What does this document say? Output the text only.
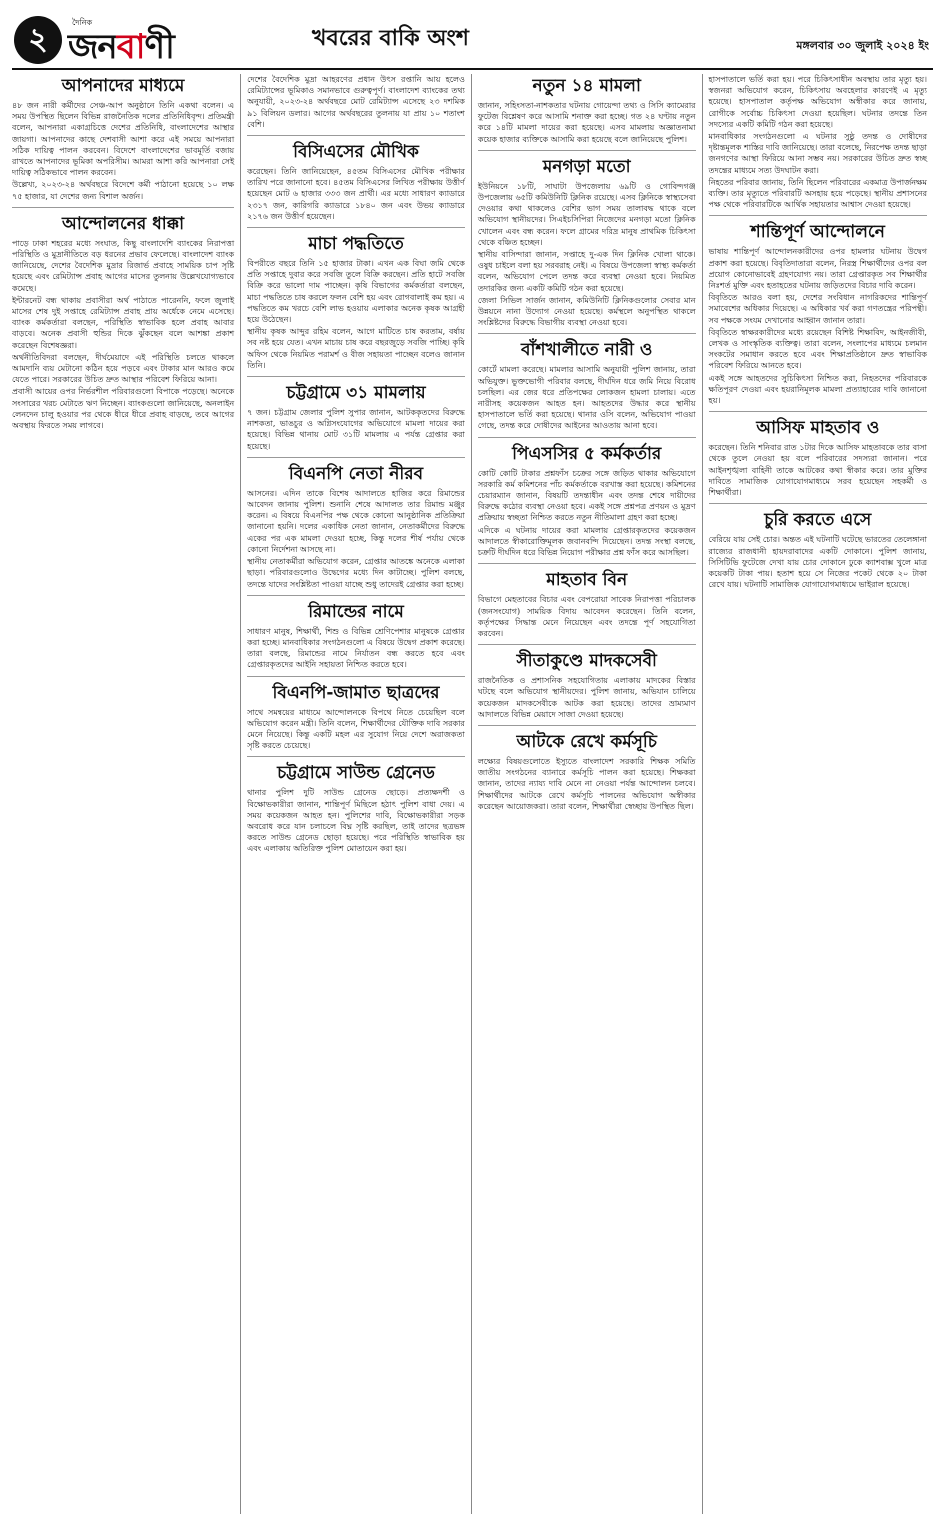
২	দৈনিক
জনবাণী	খবরের বাকি অংশ	মঙ্গলবার ৩০ জুলাই ২০২৪ ইং
আপনাদের মাধ্যমে

৪৮ জন নারী কর্মীদের সেঞ্চ-আপ অনুষ্ঠানে তিনি একথা বলেন। এ সময় উপস্থিত ছিলেন বিভিন্ন রাজনৈতিক দলের প্রতিনিধিবৃন্দ। প্রতিমন্ত্রী বলেন, আপনারা একাগ্রচিত্তে দেশের প্রতিনিধি, বাংলাদেশের আস্থার জায়গা। আপনাদের কাছে দেশবাসী আশা করে এই সময়ে আপনারা সঠিক দায়িত্ব পালন করবেন। বিদেশে বাংলাদেশের ভাবমূর্তি বজায় রাখতে আপনাদের ভূমিকা অপরিসীম। আমরা আশা করি আপনারা সেই দায়িত্ব সঠিকভাবে পালন করবেন।

উল্লেখ্য, ২০২৩-২৪ অর্থবছরে বিদেশে কর্মী পাঠানো হয়েছে ১০ লক্ষ ৭৫ হাজার, যা দেশের জন্য বিশাল অর্জন।

আন্দোলনের ধাক্কা

পাড়ে ঢাকা শহরের মধ্যে সংঘাত, কিছু বাংলাদেশি ব্যাংকের নিরাপত্তা পরিস্থিতি ও মুদ্রানীতিতে বড় ধরনের প্রভাব ফেলেছে। বাংলাদেশ ব্যাংক জানিয়েছে, দেশের বৈদেশিক মুদ্রার রিজার্ভ প্রবাহে সাময়িক চাপ সৃষ্টি হয়েছে এবং রেমিট্যান্স প্রবাহ আগের মাসের তুলনায় উল্লেখযোগ্যভাবে কমেছে।

ইন্টারনেট বন্ধ থাকায় প্রবাসীরা অর্থ পাঠাতে পারেননি, ফলে জুলাই মাসের শেষ দুই সপ্তাহে রেমিট্যান্স প্রবাহ প্রায় অর্ধেকে নেমে এসেছে। ব্যাংক কর্মকর্তারা বলছেন, পরিস্থিতি স্বাভাবিক হলে প্রবাহ আবার বাড়বে। অনেক প্রবাসী হুন্ডির দিকে ঝুঁকছেন বলে আশঙ্কা প্রকাশ করেছেন বিশেষজ্ঞরা।

অর্থনীতিবিদরা বলছেন, দীর্ঘমেয়াদে এই পরিস্থিতি চলতে থাকলে আমদানি ব্যয় মেটানো কঠিন হয়ে পড়বে এবং টাকার মান আরও কমে যেতে পারে। সরকারের উচিত দ্রুত আস্থার পরিবেশ ফিরিয়ে আনা।

প্রবাসী আয়ের ওপর নির্ভরশীল পরিবারগুলো বিপাকে পড়েছে। অনেকে সংসারের খরচ মেটাতে ঋণ নিচ্ছেন। ব্যাংকগুলো জানিয়েছে, অনলাইন লেনদেন চালু হওয়ার পর থেকে ধীরে ধীরে প্রবাহ বাড়ছে, তবে আগের অবস্থায় ফিরতে সময় লাগবে।

দেশের বৈদেশিক মুদ্রা আহরণের প্রধান উৎস রপ্তানি আয় হলেও রেমিট্যান্সের ভূমিকাও সমানভাবে গুরুত্বপূর্ণ। বাংলাদেশ ব্যাংকের তথ্য অনুযায়ী, ২০২৩-২৪ অর্থবছরে মোট রেমিট্যান্স এসেছে ২৩ দশমিক ৯১ বিলিয়ন ডলার। আগের অর্থবছরের তুলনায় যা প্রায় ১০ শতাংশ বেশি।

বিসিএসের মৌখিক

করেছেন। তিনি জানিয়েছেন, ৪৫তম বিসিএসের মৌখিক পরীক্ষার তারিখ পরে জানানো হবে। ৪৫তম বিসিএসের লিখিত পরীক্ষায় উত্তীর্ণ হয়েছেন মোট ৬ হাজার ৩৩৩ জন প্রার্থী। এর মধ্যে সাধারণ ক্যাডারে ২৩১৭ জন, কারিগরি ক্যাডারে ১৮৪০ জন এবং উভয় ক্যাডারে ২১৭৬ জন উত্তীর্ণ হয়েছেন।

মাচা পদ্ধতিতে

বিপরীতে বছরে তিনি ১৫ হাজার টাকা। এখন এক বিঘা জমি থেকে প্রতি সপ্তাহে দুবার করে সবজি তুলে বিক্রি করছেন। প্রতি হাটে সবজি বিক্রি করে ভালো দাম পাচ্ছেন। কৃষি বিভাগের কর্মকর্তারা বলছেন, মাচা পদ্ধতিতে চাষ করলে ফলন বেশি হয় এবং রোগবালাই কম হয়। এ পদ্ধতিতে কম খরচে বেশি লাভ হওয়ায় এলাকার অনেক কৃষক আগ্রহী হয়ে উঠেছেন।

স্থানীয় কৃষক আব্দুর রহিম বলেন, আগে মাটিতে চাষ করতাম, বর্ষায় সব নষ্ট হয়ে যেত। এখন মাচায় চাষ করে বছরজুড়ে সবজি পাচ্ছি। কৃষি অফিস থেকে নিয়মিত পরামর্শ ও বীজ সহায়তা পাচ্ছেন বলেও জানান তিনি।

চট্টগ্রামে ৩১ মামলায়

৭ জন। চট্টগ্রাম জেলার পুলিশ সুপার জানান, আটককৃতদের বিরুদ্ধে নাশকতা, ভাঙচুর ও অগ্নিসংযোগের অভিযোগে মামলা দায়ের করা হয়েছে। বিভিন্ন থানায় মোট ৩১টি মামলায় এ পর্যন্ত গ্রেপ্তার করা হয়েছে।

বিএনপি নেতা নীরব

আসনের। এদিন তাকে বিশেষ আদালতে হাজির করে রিমান্ডের আবেদন জানায় পুলিশ। শুনানি শেষে আদালত তার রিমান্ড মঞ্জুর করেন। এ বিষয়ে বিএনপির পক্ষ থেকে কোনো আনুষ্ঠানিক প্রতিক্রিয়া জানানো হয়নি। দলের একাধিক নেতা জানান, নেতাকর্মীদের বিরুদ্ধে একের পর এক মামলা দেওয়া হচ্ছে, কিন্তু দলের শীর্ষ পর্যায় থেকে কোনো নির্দেশনা আসছে না।

স্থানীয় নেতাকর্মীরা অভিযোগ করেন, গ্রেপ্তার আতঙ্কে অনেকে এলাকা ছাড়া। পরিবারগুলোও উদ্বেগের মধ্যে দিন কাটাচ্ছে। পুলিশ বলছে, তদন্তে যাদের সংশ্লিষ্টতা পাওয়া যাচ্ছে শুধু তাদেরই গ্রেপ্তার করা হচ্ছে।

রিমান্ডের নামে

সাধারণ মানুষ, শিক্ষার্থী, শিশু ও বিভিন্ন শ্রেণিপেশার মানুষকে গ্রেপ্তার করা হচ্ছে। মানবাধিকার সংগঠনগুলো এ বিষয়ে উদ্বেগ প্রকাশ করেছে। তারা বলছে, রিমান্ডের নামে নির্যাতন বন্ধ করতে হবে এবং গ্রেপ্তারকৃতদের আইনি সহায়তা নিশ্চিত করতে হবে।

বিএনপি-জামাত ছাত্রদের

সাথে সমন্বয়ের মাধ্যমে আন্দোলনকে বিপথে নিতে চেয়েছিল বলে অভিযোগ করেন মন্ত্রী। তিনি বলেন, শিক্ষার্থীদের যৌক্তিক দাবি সরকার মেনে নিয়েছে। কিন্তু একটি মহল এর সুযোগ নিয়ে দেশে অরাজকতা সৃষ্টি করতে চেয়েছে।

চট্টগ্রামে সাউন্ড গ্রেনেড

থানার পুলিশ দুটি সাউন্ড গ্রেনেড ছোড়ে। প্রত্যক্ষদর্শী ও বিক্ষোভকারীরা জানান, শান্তিপূর্ণ মিছিলে হঠাৎ পুলিশ বাধা দেয়। এ সময় কয়েকজন আহত হন। পুলিশের দাবি, বিক্ষোভকারীরা সড়ক অবরোধ করে যান চলাচলে বিঘ্ন সৃষ্টি করছিল, তাই তাদের ছত্রভঙ্গ করতে সাউন্ড গ্রেনেড ছোড়া হয়েছে। পরে পরিস্থিতি স্বাভাবিক হয় এবং এলাকায় অতিরিক্ত পুলিশ মোতায়েন করা হয়।

নতুন ১৪ মামলা

জানান, সহিংসতা-নাশকতার ঘটনায় গোয়েন্দা তথ্য ও সিসি ক্যামেরার ফুটেজ বিশ্লেষণ করে আসামি শনাক্ত করা হচ্ছে। গত ২৪ ঘণ্টায় নতুন করে ১৪টি মামলা দায়ের করা হয়েছে। এসব মামলায় অজ্ঞাতনামা কয়েক হাজার ব্যক্তিকে আসামি করা হয়েছে বলে জানিয়েছে পুলিশ।

মনগড়া মতো

ইউনিয়নে ১৮টি, সাঘাটা উপজেলায় ৬৯টি ও গোবিন্দগঞ্জ উপজেলায় ৬৫টি কমিউনিটি ক্লিনিক রয়েছে। এসব ক্লিনিকে স্বাস্থ্যসেবা দেওয়ার কথা থাকলেও বেশির ভাগ সময় তালাবদ্ধ থাকে বলে অভিযোগ স্থানীয়দের। সিএইচসিপিরা নিজেদের মনগড়া মতো ক্লিনিক খোলেন এবং বন্ধ করেন। ফলে গ্রামের দরিদ্র মানুষ প্রাথমিক চিকিৎসা থেকে বঞ্চিত হচ্ছেন।

স্থানীয় বাসিন্দারা জানান, সপ্তাহে দু-এক দিন ক্লিনিক খোলা থাকে। ওষুধ চাইলে বলা হয় সরবরাহ নেই। এ বিষয়ে উপজেলা স্বাস্থ্য কর্মকর্তা বলেন, অভিযোগ পেলে তদন্ত করে ব্যবস্থা নেওয়া হবে। নিয়মিত তদারকির জন্য একটি কমিটি গঠন করা হয়েছে।

জেলা সিভিল সার্জন জানান, কমিউনিটি ক্লিনিকগুলোর সেবার মান উন্নয়নে নানা উদ্যোগ নেওয়া হয়েছে। কর্মস্থলে অনুপস্থিত থাকলে সংশ্লিষ্টদের বিরুদ্ধে বিভাগীয় ব্যবস্থা নেওয়া হবে।

বাঁশখালীতে নারী ও

কোর্টে মামলা করেছে। মামলার আসামি অনুযায়ী পুলিশ জানায়, তারা অভিযুক্ত। ভুক্তভোগী পরিবার বলছে, দীর্ঘদিন ধরে জমি নিয়ে বিরোধ চলছিল। এর জের ধরে প্রতিপক্ষের লোকজন হামলা চালায়। এতে নারীসহ কয়েকজন আহত হন। আহতদের উদ্ধার করে স্থানীয় হাসপাতালে ভর্তি করা হয়েছে। থানার ওসি বলেন, অভিযোগ পাওয়া গেছে, তদন্ত করে দোষীদের আইনের আওতায় আনা হবে।

পিএসসির ৫ কর্মকর্তার

কোটি কোটি টাকার প্রশ্নফাঁস চক্রের সঙ্গে জড়িত থাকার অভিযোগে সরকারি কর্ম কমিশনের পাঁচ কর্মকর্তাকে বরখাস্ত করা হয়েছে। কমিশনের চেয়ারম্যান জানান, বিষয়টি তদন্তাধীন এবং তদন্ত শেষে দায়ীদের বিরুদ্ধে কঠোর ব্যবস্থা নেওয়া হবে। একই সঙ্গে প্রশ্নপত্র প্রণয়ন ও মুদ্রণ প্রক্রিয়ায় স্বচ্ছতা নিশ্চিত করতে নতুন নীতিমালা গ্রহণ করা হচ্ছে।

এদিকে এ ঘটনায় দায়ের করা মামলায় গ্রেপ্তারকৃতদের কয়েকজন আদালতে স্বীকারোক্তিমূলক জবানবন্দি দিয়েছেন। তদন্ত সংস্থা বলছে, চক্রটি দীর্ঘদিন ধরে বিভিন্ন নিয়োগ পরীক্ষার প্রশ্ন ফাঁস করে আসছিল।

মাহতাব বিন

বিভাগে মেহতাবের বিচার এবং বেপরোয়া সাবেক নিরাপত্তা পরিচালক (জনসংযোগ) সাময়িক বিদায় আবেদন করেছেন। তিনি বলেন, কর্তৃপক্ষের সিদ্ধান্ত মেনে নিয়েছেন এবং তদন্তে পূর্ণ সহযোগিতা করবেন।

সীতাকুণ্ডে মাদকসেবী

রাজনৈতিক ও প্রশাসনিক সহযোগিতায় এলাকায় মাদকের বিস্তার ঘটছে বলে অভিযোগ স্থানীয়দের। পুলিশ জানায়, অভিযান চালিয়ে কয়েকজন মাদকসেবীকে আটক করা হয়েছে। তাদের ভ্রাম্যমাণ আদালতে বিভিন্ন মেয়াদে সাজা দেওয়া হয়েছে।

আটকে রেখে কর্মসূচি

লক্ষ্যের বিষয়গুলোতে ইস্যুতে বাংলাদেশ সরকারি শিক্ষক সমিতি জাতীয় সংগঠনের ব্যানারে কর্মসূচি পালন করা হয়েছে। শিক্ষকরা জানান, তাদের ন্যায্য দাবি মেনে না নেওয়া পর্যন্ত আন্দোলন চলবে। শিক্ষার্থীদের আটকে রেখে কর্মসূচি পালনের অভিযোগ অস্বীকার করেছেন আয়োজকরা। তারা বলেন, শিক্ষার্থীরা স্বেচ্ছায় উপস্থিত ছিল।

হাসপাতালে ভর্তি করা হয়। পরে চিকিৎসাধীন অবস্থায় তার মৃত্যু হয়। স্বজনরা অভিযোগ করেন, চিকিৎসায় অবহেলার কারণেই এ মৃত্যু হয়েছে। হাসপাতাল কর্তৃপক্ষ অভিযোগ অস্বীকার করে জানায়, রোগীকে সর্বোচ্চ চিকিৎসা দেওয়া হয়েছিল। ঘটনার তদন্তে তিন সদস্যের একটি কমিটি গঠন করা হয়েছে।

মানবাধিকার সংগঠনগুলো এ ঘটনার সুষ্ঠু তদন্ত ও দোষীদের দৃষ্টান্তমূলক শাস্তির দাবি জানিয়েছে। তারা বলেছে, নিরপেক্ষ তদন্ত ছাড়া জনগণের আস্থা ফিরিয়ে আনা সম্ভব নয়। সরকারের উচিত দ্রুত স্বচ্ছ তদন্তের মাধ্যমে সত্য উদঘাটন করা।

নিহতের পরিবার জানায়, তিনি ছিলেন পরিবারের একমাত্র উপার্জনক্ষম ব্যক্তি। তার মৃত্যুতে পরিবারটি অসহায় হয়ে পড়েছে। স্থানীয় প্রশাসনের পক্ষ থেকে পরিবারটিকে আর্থিক সহায়তার আশ্বাস দেওয়া হয়েছে।

শান্তিপূর্ণ আন্দোলনে

ভাষায় শান্তিপূর্ণ আন্দোলনকারীদের ওপর হামলার ঘটনায় উদ্বেগ প্রকাশ করা হয়েছে। বিবৃতিদাতারা বলেন, নিরস্ত্র শিক্ষার্থীদের ওপর বল প্রয়োগ কোনোভাবেই গ্রহণযোগ্য নয়। তারা গ্রেপ্তারকৃত সব শিক্ষার্থীর নিঃশর্ত মুক্তি এবং হতাহতের ঘটনায় জড়িতদের বিচার দাবি করেন।

বিবৃতিতে আরও বলা হয়, দেশের সংবিধান নাগরিকদের শান্তিপূর্ণ সমাবেশের অধিকার দিয়েছে। এ অধিকার খর্ব করা গণতন্ত্রের পরিপন্থী। সব পক্ষকে সংযম দেখানোর আহ্বান জানান তারা।

বিবৃতিতে স্বাক্ষরকারীদের মধ্যে রয়েছেন বিশিষ্ট শিক্ষাবিদ, আইনজীবী, লেখক ও সাংস্কৃতিক ব্যক্তিত্ব। তারা বলেন, সংলাপের মাধ্যমে চলমান সংকটের সমাধান করতে হবে এবং শিক্ষাপ্রতিষ্ঠানে দ্রুত স্বাভাবিক পরিবেশ ফিরিয়ে আনতে হবে।

একই সঙ্গে আহতদের সুচিকিৎসা নিশ্চিত করা, নিহতদের পরিবারকে ক্ষতিপূরণ দেওয়া এবং হয়রানিমূলক মামলা প্রত্যাহারের দাবি জানানো হয়।

আসিফ মাহতাব ও

করেছেন। তিনি শনিবার রাত ১টার দিকে আসিফ মাহতাবকে তার বাসা থেকে তুলে নেওয়া হয় বলে পরিবারের সদস্যরা জানান। পরে আইনশৃঙ্খলা বাহিনী তাকে আটকের কথা স্বীকার করে। তার মুক্তির দাবিতে সামাজিক যোগাযোগমাধ্যমে সরব হয়েছেন সহকর্মী ও শিক্ষার্থীরা।

চুরি করতে এসে

বেরিয়ে যায় সেই চোর। অন্তত এই ঘটনাটি ঘটেছে ভারতের তেলেঙ্গানা রাজ্যের রাজধানী হায়দরাবাদের একটি দোকানে। পুলিশ জানায়, সিসিটিভি ফুটেজে দেখা যায় চোর দোকানে ঢুকে ক্যাশবাক্স খুলে মাত্র কয়েকটি টাকা পায়। হতাশ হয়ে সে নিজের পকেট থেকে ২০ টাকা রেখে যায়। ঘটনাটি সামাজিক যোগাযোগমাধ্যমে ভাইরাল হয়েছে।
